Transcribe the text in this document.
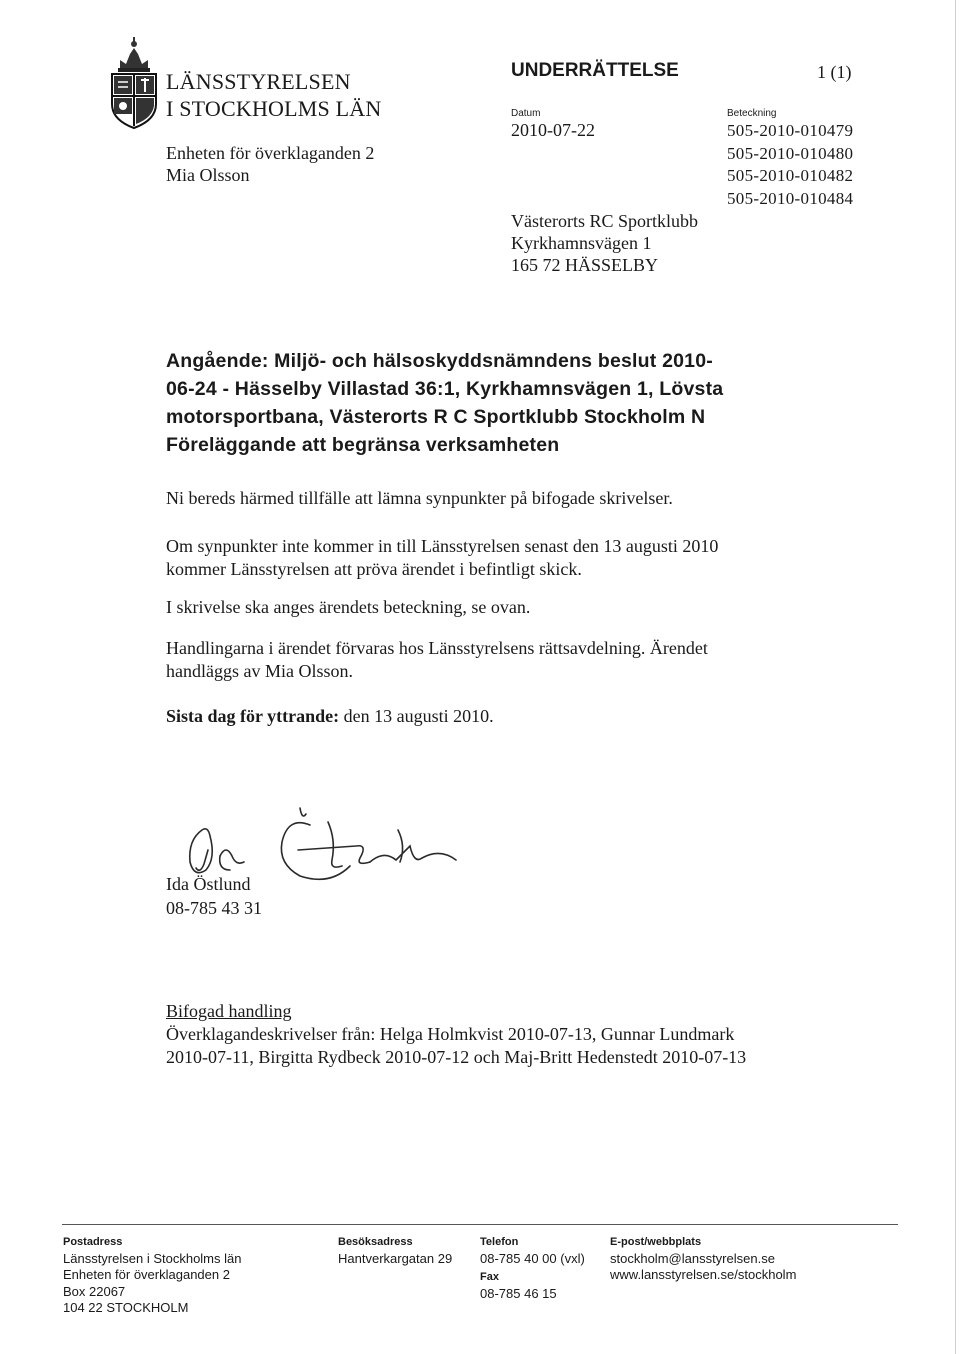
LÄNSSTYRELSEN
I STOCKHOLMS LÄN
Enheten för överklaganden 2
Mia Olsson
UNDERRÄTTELSE	1 (1)
Datum
2010-07-22
Beteckning
505-2010-010479
505-2010-010480
505-2010-010482
505-2010-010484
Västerorts RC Sportklubb
Kyrkhamnsvägen 1
165 72 HÄSSELBY
Angående: Miljö- och hälsoskyddsnämndens beslut 2010-
06-24 - Hässelby Villastad 36:1, Kyrkhamnsvägen 1, Lövsta
motorsportbana, Västerorts R C Sportklubb Stockholm N
Föreläggande att begränsa verksamheten
Ni bereds härmed tillfälle att lämna synpunkter på bifogade skrivelser.
Om synpunkter inte kommer in till Länsstyrelsen senast den 13 augusti 2010
kommer Länsstyrelsen att pröva ärendet i befintligt skick.
I skrivelse ska anges ärendets beteckning, se ovan.
Handlingarna i ärendet förvaras hos Länsstyrelsens rättsavdelning. Ärendet
handläggs av Mia Olsson.
Sista dag för yttrande: den 13 augusti 2010.
Ida Östlund
08-785 43 31
Bifogad handling
Överklagandeskrivelser från: Helga Holmkvist 2010-07-13, Gunnar Lundmark
2010-07-11, Birgitta Rydbeck 2010-07-12 och Maj-Britt Hedenstedt 2010-07-13
Postadress
Länsstyrelsen i Stockholms län
Enheten för överklaganden 2
Box 22067
104 22 STOCKHOLM
Besöksadress
Hantverkargatan 29
Telefon
08-785 40 00 (vxl)
Fax
08-785 46 15
E-post/webbplats
stockholm@lansstyrelsen.se
www.lansstyrelsen.se/stockholm
